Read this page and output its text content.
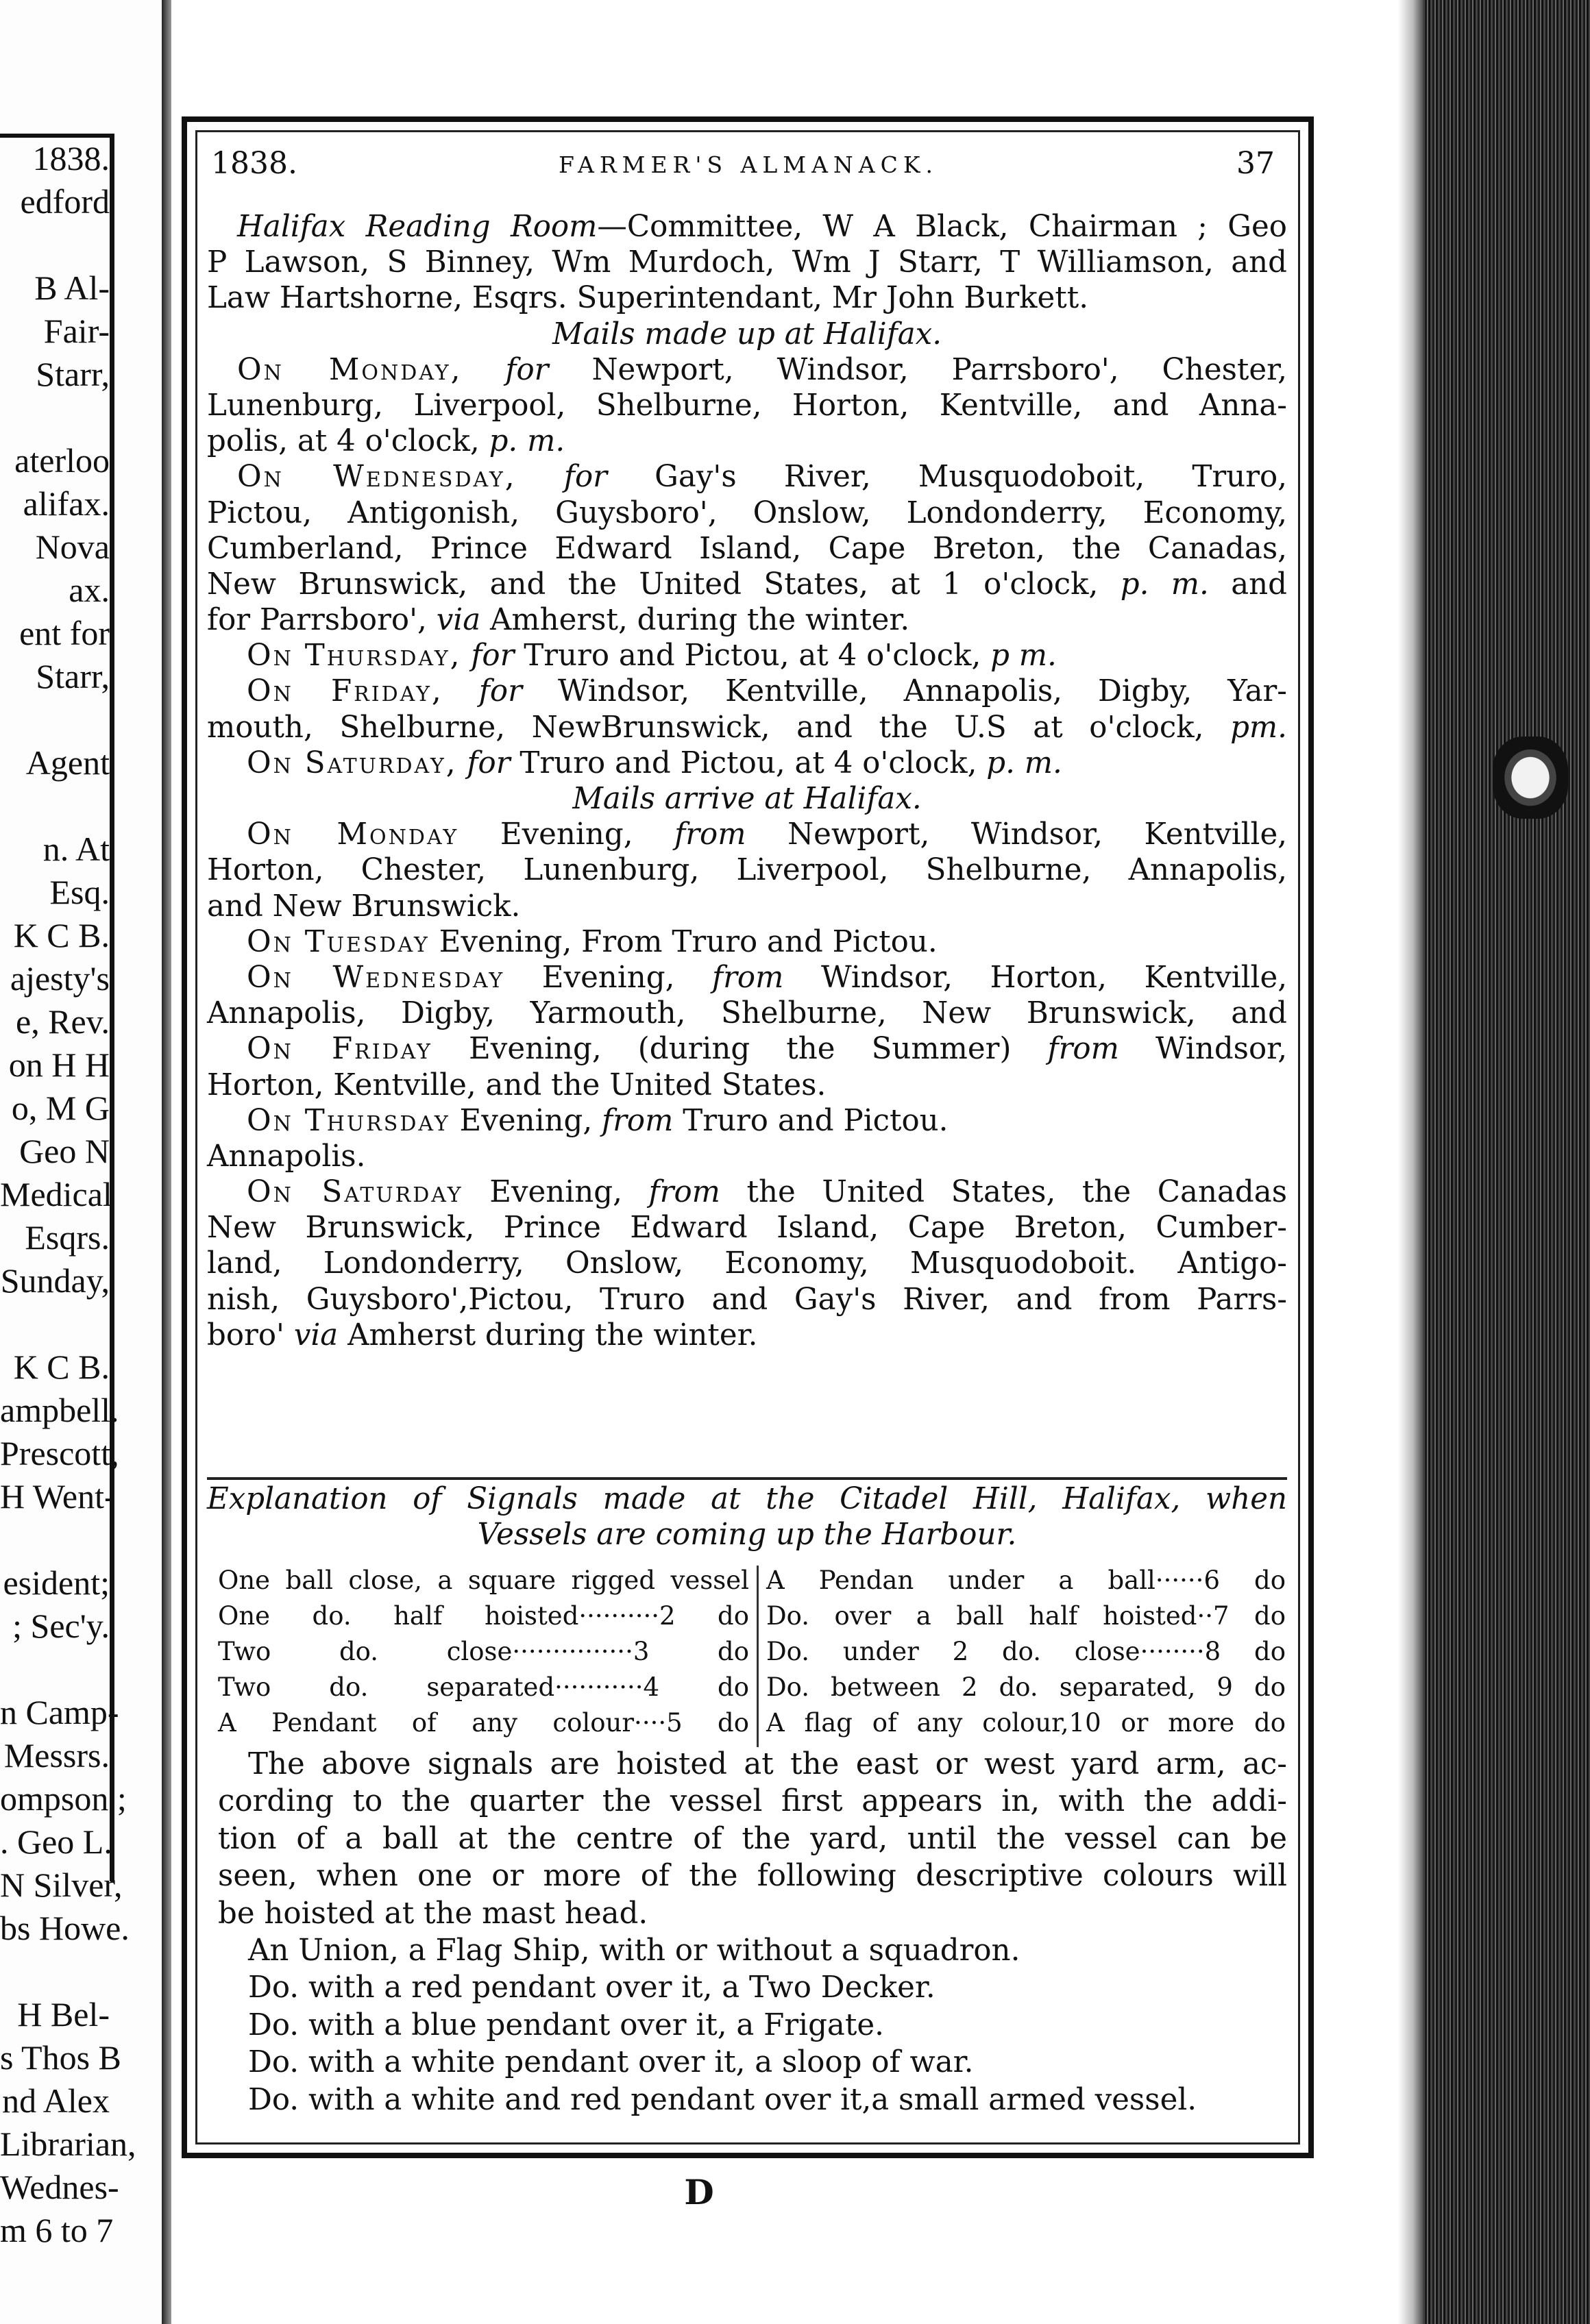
1838.
edford
B Al-
Fair-
Starr,
aterloo
alifax.
Nova
ax.
ent for
Starr,
Agent
n. At
Esq.
K C B.
ajesty's
e, Rev.
on H H
o, M G
Geo N
Medical
Esqrs.
Sunday,
K C B.
ampbell.
Prescott,
H Went-
esident;
; Sec'y.
n Camp-
Messrs.
ompson ;
. Geo L.
N Silver,
bs Howe.
H Bel-
s Thos B
nd Alex
Librarian,
Wednes-
m 6 to 7
1838.	FARMER'S ALMANACK.	37
Halifax Reading Room—Committee, W A Black, Chairman ; Geo
P Lawson, S Binney, Wm Murdoch, Wm J Starr, T Williamson, and
Law Hartshorne, Esqrs. Superintendant, Mr John Burkett.
Mails made up at Halifax.
On Monday, for Newport, Windsor, Parrsboro', Chester,
Lunenburg, Liverpool, Shelburne, Horton, Kentville, and Anna-
polis, at 4 o'clock, p. m.
On Wednesday, for Gay's River, Musquodoboit, Truro,
Pictou, Antigonish, Guysboro', Onslow, Londonderry, Economy,
Cumberland, Prince Edward Island, Cape Breton, the Canadas,
New Brunswick, and the United States, at 1 o'clock, p. m. and
for Parrsboro', via Amherst, during the winter.
On Thursday, for Truro and Pictou, at 4 o'clock, p m.
On Friday, for Windsor, Kentville, Annapolis, Digby, Yar-
mouth, Shelburne, NewBrunswick, and the U.S at o'clock, pm.
On Saturday, for Truro and Pictou, at 4 o'clock, p. m.
Mails arrive at Halifax.
On Monday Evening, from Newport, Windsor, Kentville,
Horton, Chester, Lunenburg, Liverpool, Shelburne, Annapolis,
and New Brunswick.
On Tuesday Evening, From Truro and Pictou.
On Wednesday Evening, from Windsor, Horton, Kentville,
Annapolis, Digby, Yarmouth, Shelburne, New Brunswick, and
On Friday Evening, (during the Summer) from Windsor,
Horton, Kentville, and the United States.
On Thursday Evening, from Truro and Pictou.
Annapolis.
On Saturday Evening, from the United States, the Canadas
New Brunswick, Prince Edward Island, Cape Breton, Cumber-
land, Londonderry, Onslow, Economy, Musquodoboit. Antigo-
nish, Guysboro',Pictou, Truro and Gay's River, and from Parrs-
boro' via Amherst during the winter.
Explanation of Signals made at the Citadel Hill, Halifax, when
Vessels are coming up the Harbour.
One ball close, a square rigged vessel A Pendan under a ball······6 do
One do. half hoisted··········2 do Do. over a ball half hoisted··7 do
Two do. close···············3 do Do. under 2 do. close········8 do
Two do. separated···········4 do Do. between 2 do. separated, 9 do
A Pendant of any colour····5 do A flag of any colour,10 or more do
The above signals are hoisted at the east or west yard arm, ac-
cording to the quarter the vessel first appears in, with the addi-
tion of a ball at the centre of the yard, until the vessel can be
seen, when one or more of the following descriptive colours will
be hoisted at the mast head.
An Union, a Flag Ship, with or without a squadron.
Do. with a red pendant over it, a Two Decker.
Do. with a blue pendant over it, a Frigate.
Do. with a white pendant over it, a sloop of war.
Do. with a white and red pendant over it,a small armed vessel.
D
